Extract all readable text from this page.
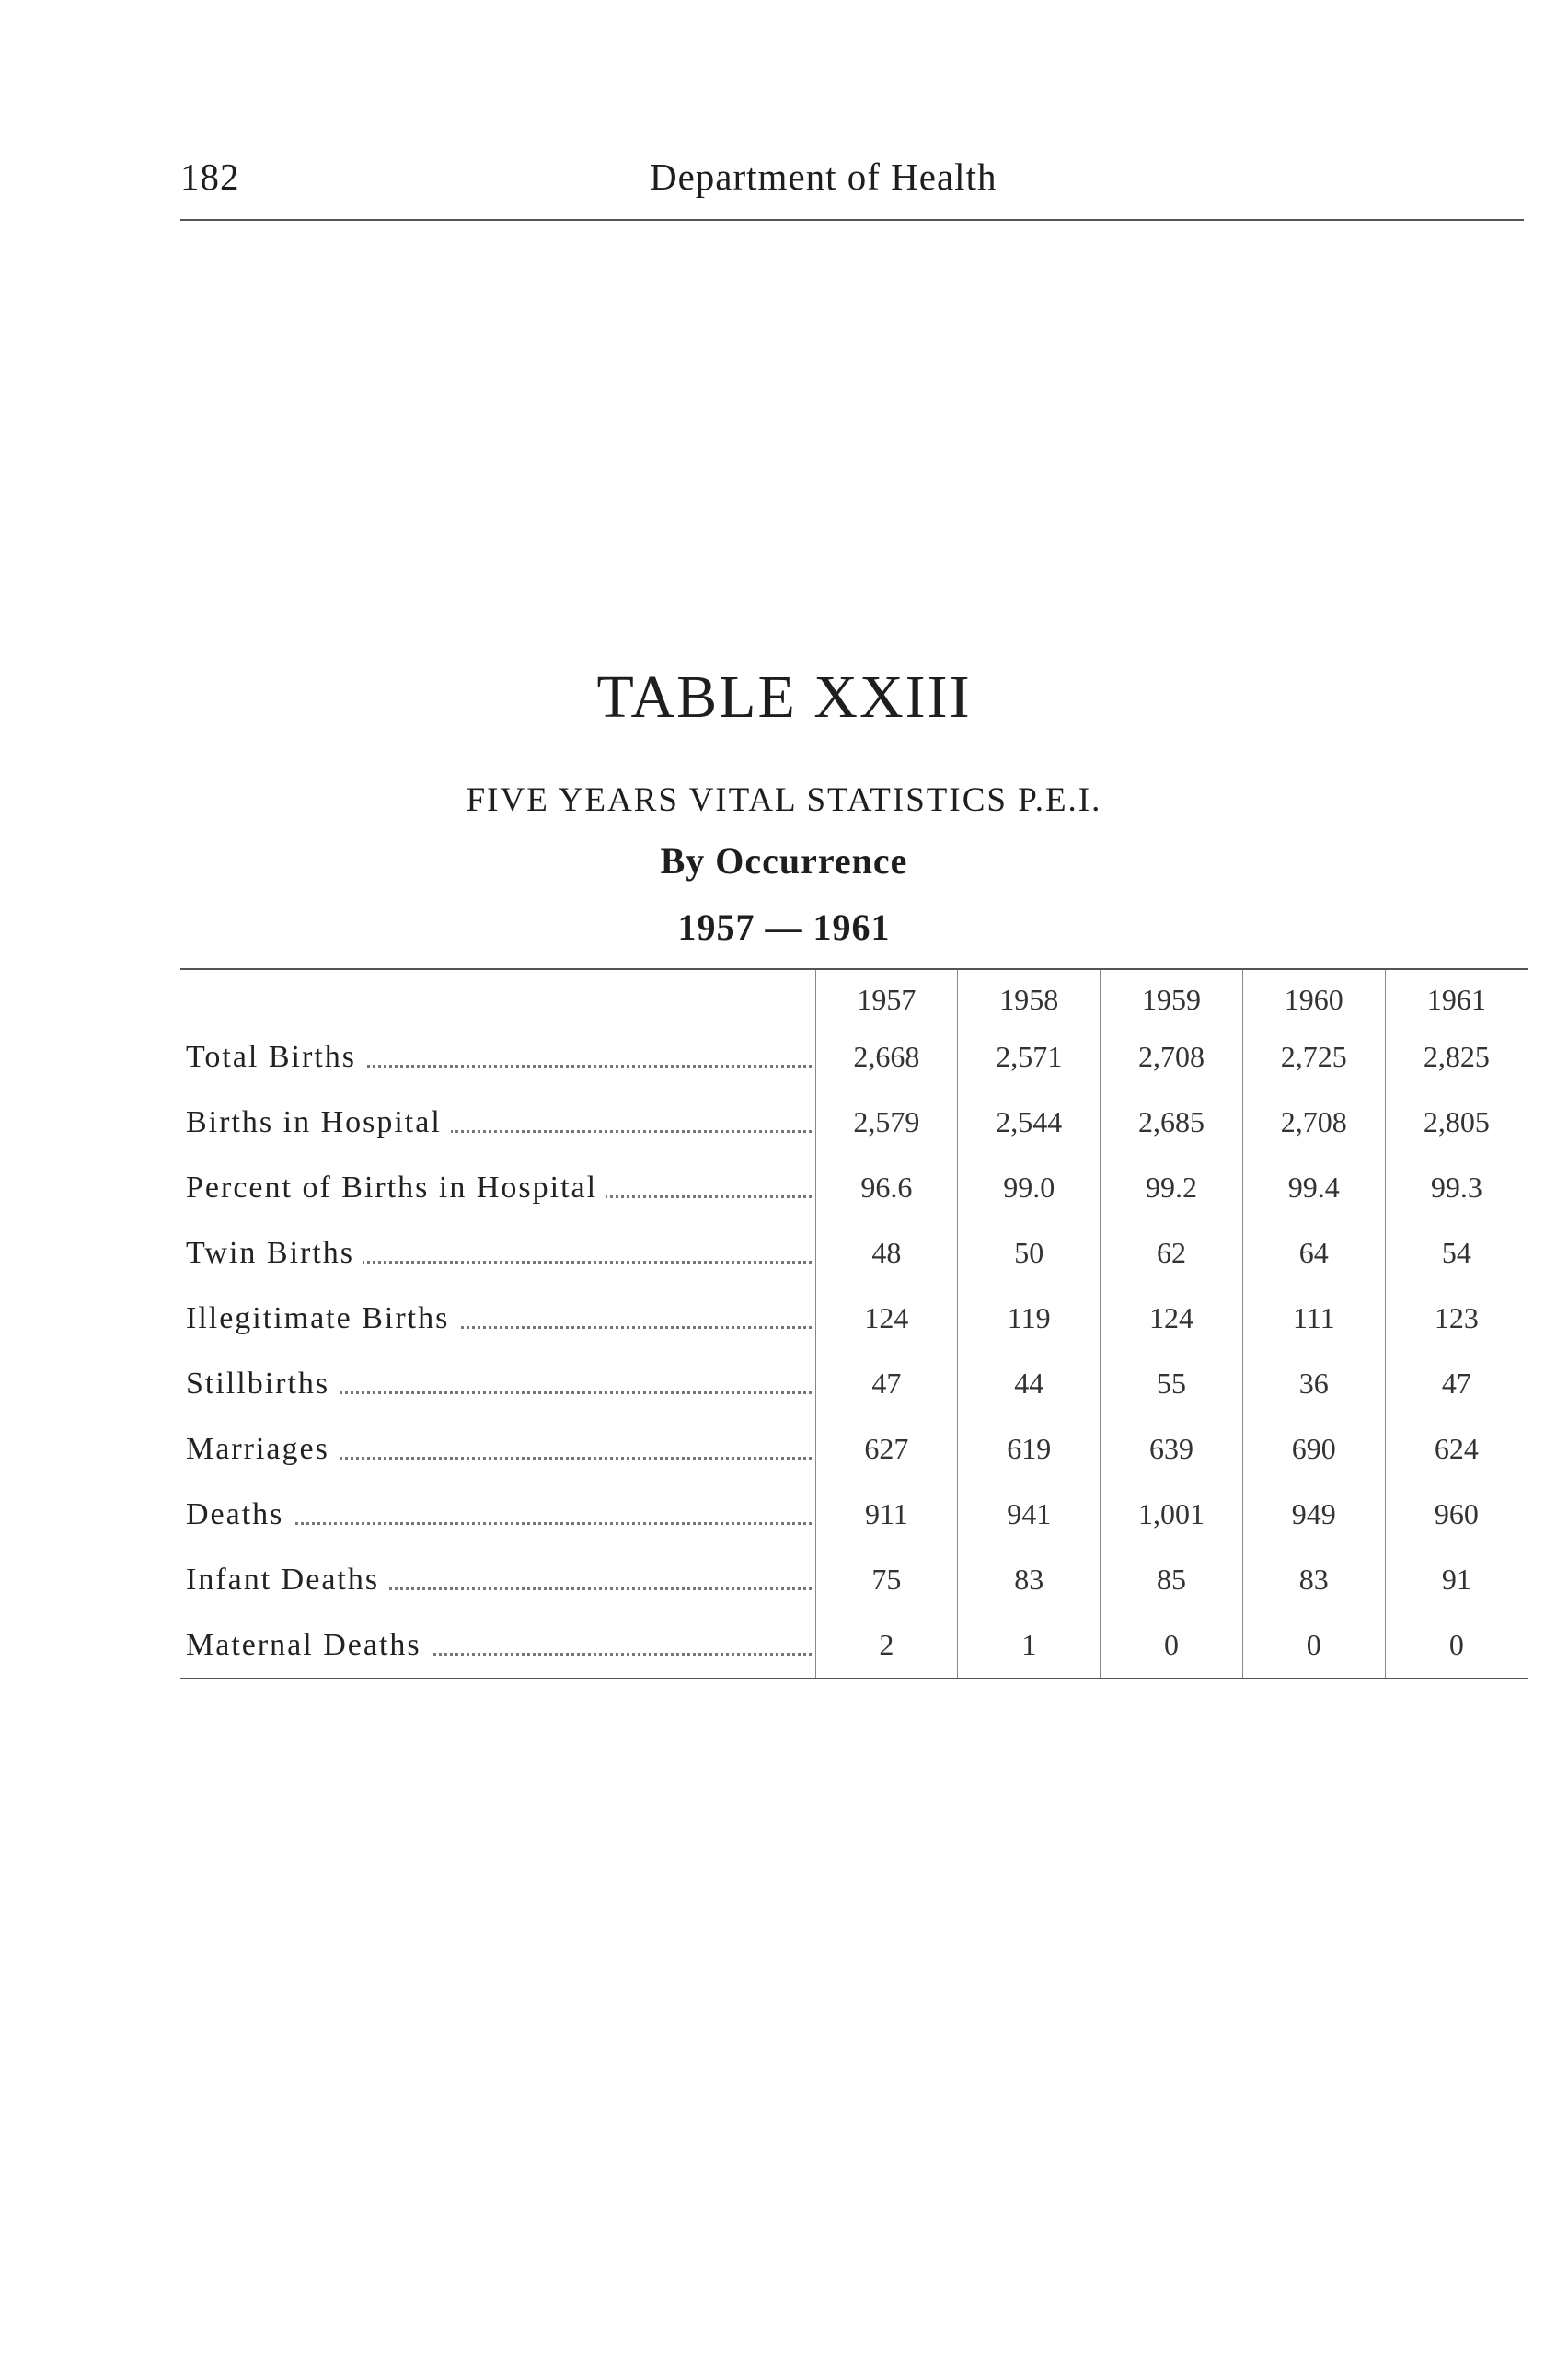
182	Department of Health
TABLE XXIII
FIVE YEARS VITAL STATISTICS P.E.I.
By Occurrence
1957 — 1961
	1957	1958	1959	1960	1961

Total Births	2,668	2,571	2,708	2,725	2,825

Births in Hospital	2,579	2,544	2,685	2,708	2,805

Percent of Births in Hospital	96.6	99.0	99.2	99.4	99.3

Twin Births	48	50	62	64	54

Illegitimate Births	124	119	124	111	123

Stillbirths	47	44	55	36	47

Marriages	627	619	639	690	624

Deaths	911	941	1,001	949	960

Infant Deaths	75	83	85	83	91

Maternal Deaths	2	1	0	0	0
